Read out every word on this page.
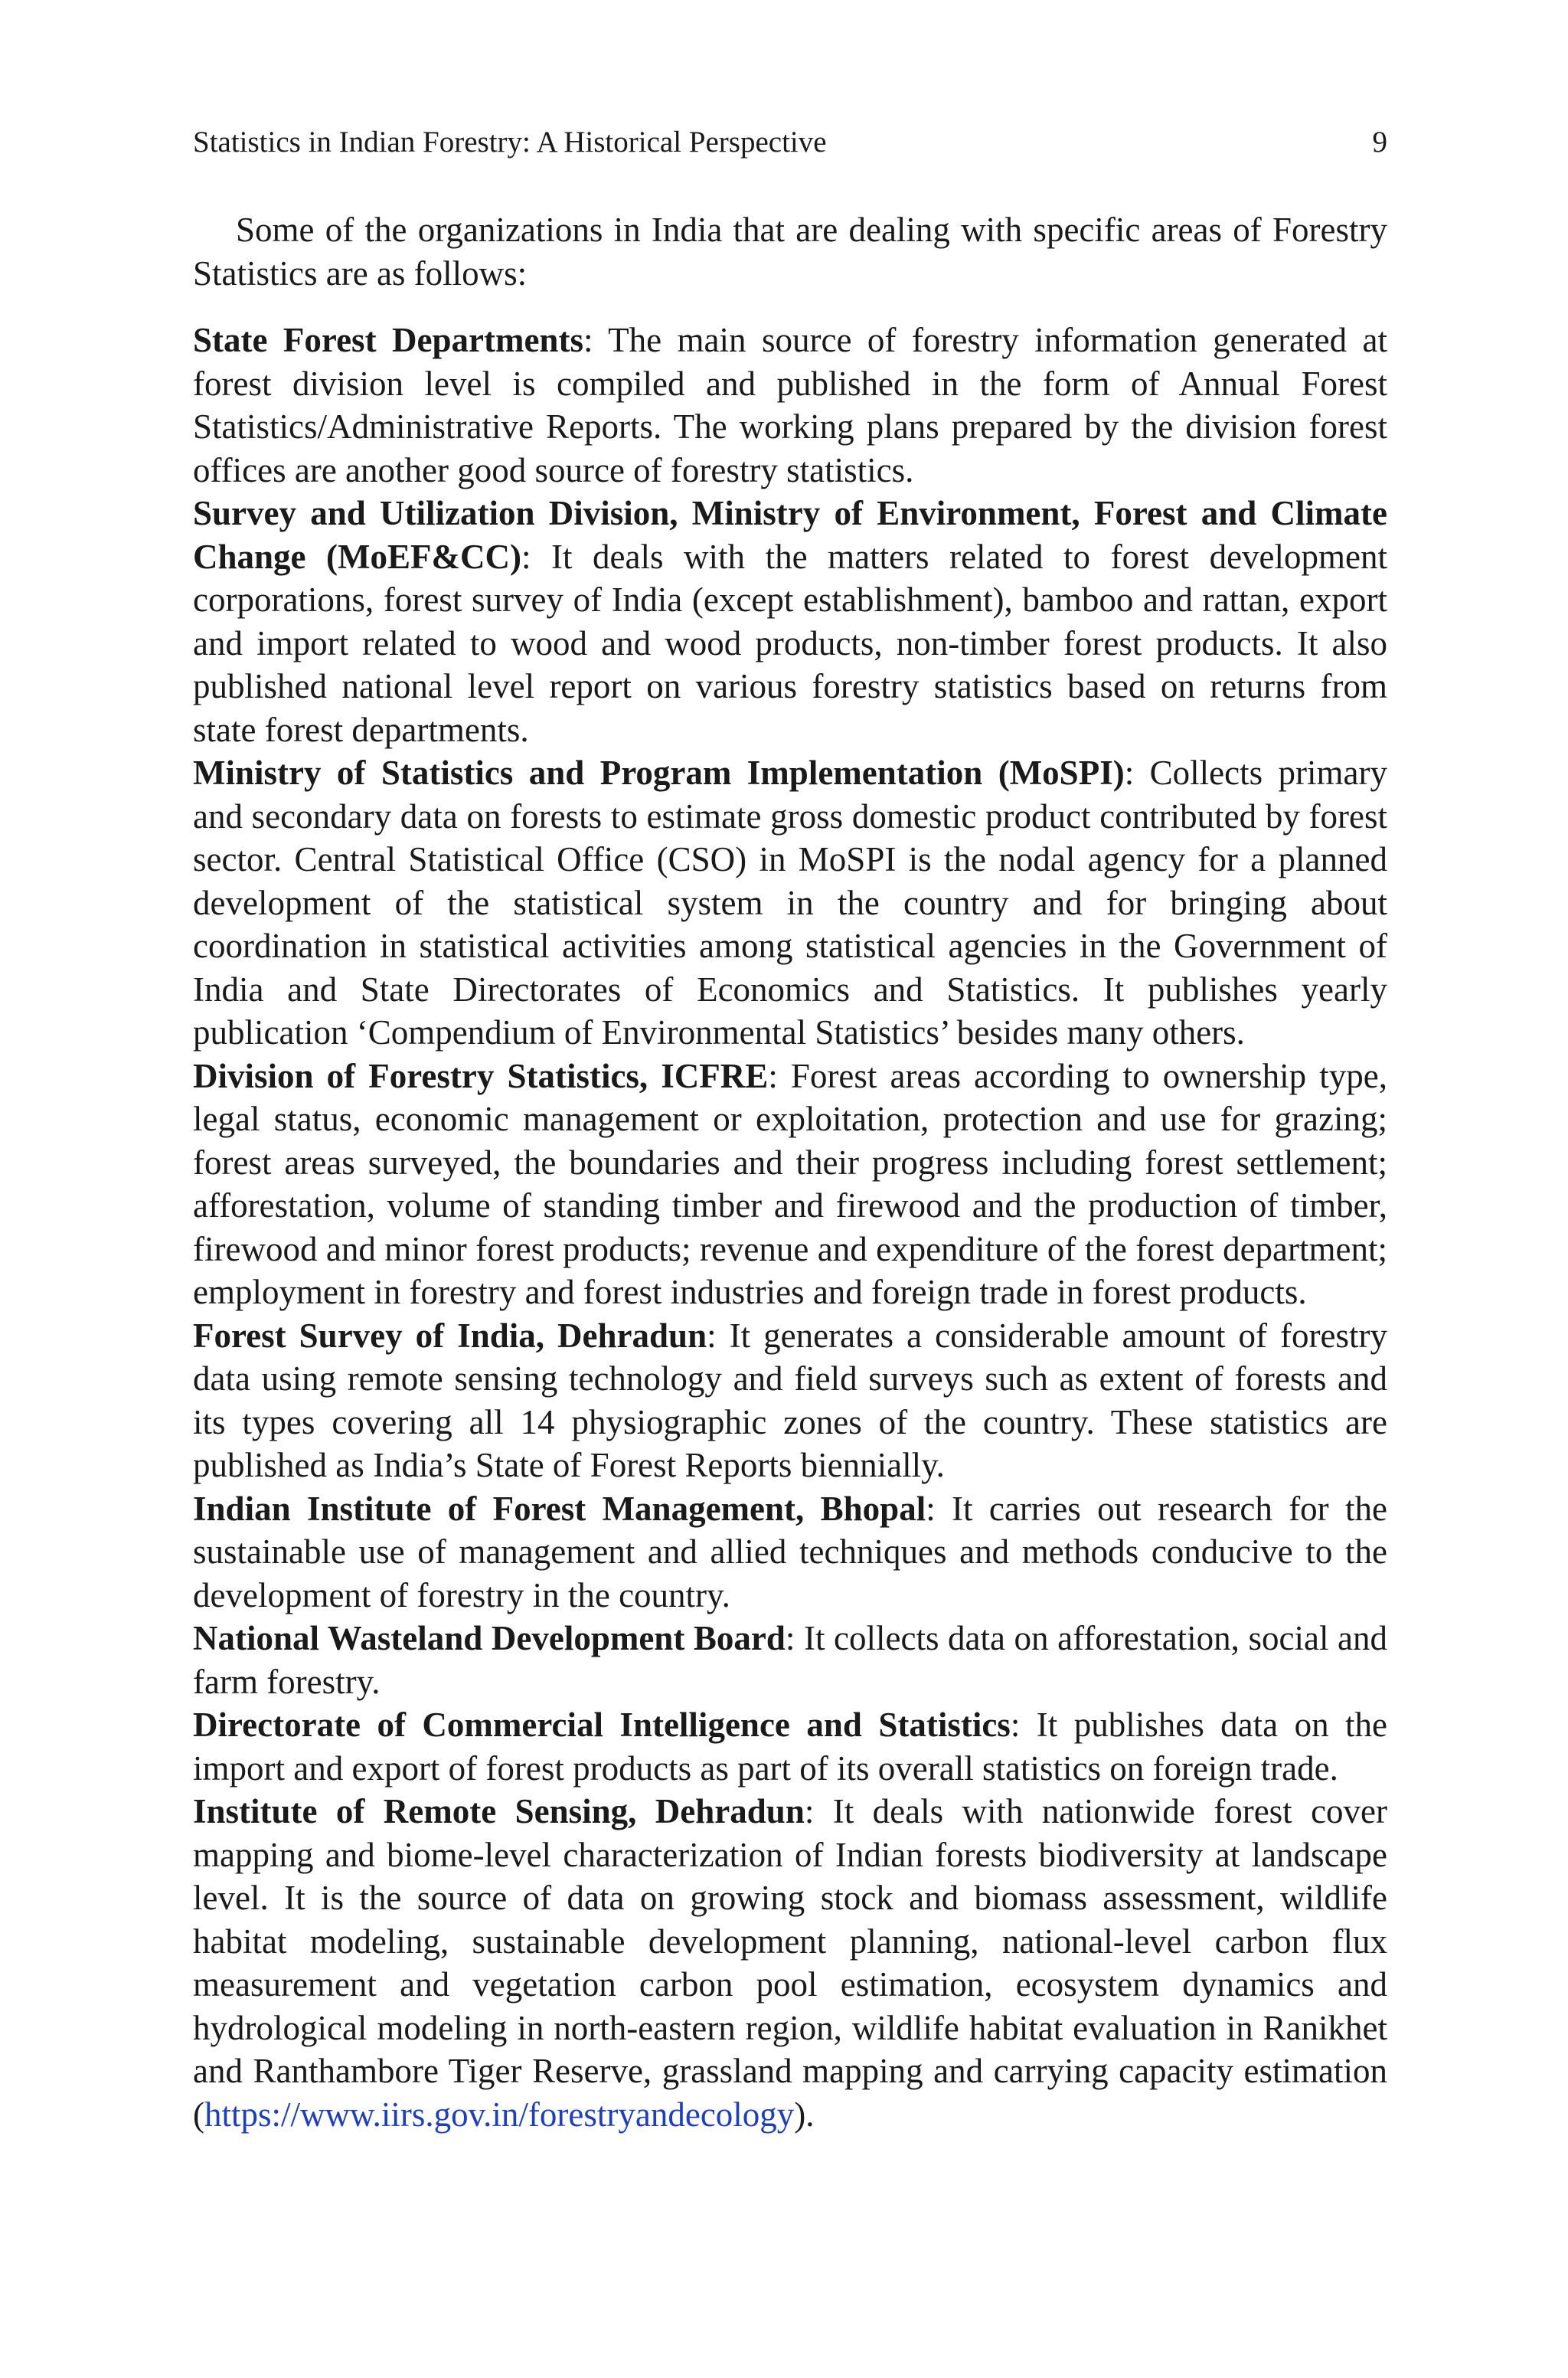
Statistics in Indian Forestry: A Historical Perspective	9

Some of the organizations in India that are dealing with specific areas of Forestry Statistics are as follows:

State Forest Departments: The main source of forestry information generated at forest division level is compiled and published in the form of Annual Forest Statistics/Administrative Reports. The working plans prepared by the division forest offices are another good source of forestry statistics.

Survey and Utilization Division, Ministry of Environment, Forest and Climate Change (MoEF&CC): It deals with the matters related to forest development corporations, forest survey of India (except establishment), bamboo and rattan, export and import related to wood and wood products, non-timber forest products. It also published national level report on various forestry statistics based on returns from state forest departments.

Ministry of Statistics and Program Implementation (MoSPI): Collects primary and secondary data on forests to estimate gross domestic product contributed by forest sector. Central Statistical Office (CSO) in MoSPI is the nodal agency for a planned development of the statistical system in the country and for bringing about coordination in statistical activities among statistical agencies in the Government of India and State Directorates of Economics and Statistics. It publishes yearly publication ‘Compendium of Environmental Statistics’ besides many others.

Division of Forestry Statistics, ICFRE: Forest areas according to ownership type, legal status, economic management or exploitation, protection and use for grazing; forest areas surveyed, the boundaries and their progress including forest settlement; afforestation, volume of standing timber and firewood and the production of timber, firewood and minor forest products; revenue and expenditure of the forest department; employment in forestry and forest industries and foreign trade in forest products.

Forest Survey of India, Dehradun: It generates a considerable amount of forestry data using remote sensing technology and field surveys such as extent of forests and its types covering all 14 physiographic zones of the country. These statistics are published as India’s State of Forest Reports biennially.

Indian Institute of Forest Management, Bhopal: It carries out research for the sustainable use of management and allied techniques and methods conducive to the development of forestry in the country.

National Wasteland Development Board: It collects data on afforestation, social and farm forestry.

Directorate of Commercial Intelligence and Statistics: It publishes data on the import and export of forest products as part of its overall statistics on foreign trade.

Institute of Remote Sensing, Dehradun: It deals with nationwide forest cover mapping and biome-level characterization of Indian forests biodiversity at landscape level. It is the source of data on growing stock and biomass assessment, wildlife habitat modeling, sustainable development planning, national-level carbon flux measurement and vegetation carbon pool estimation, ecosystem dynamics and hydrological modeling in north-eastern region, wildlife habitat evaluation in Ranikhet and Ranthambore Tiger Reserve, grassland mapping and carrying capacity estimation (https://www.iirs.gov.in/forestryandecology).
